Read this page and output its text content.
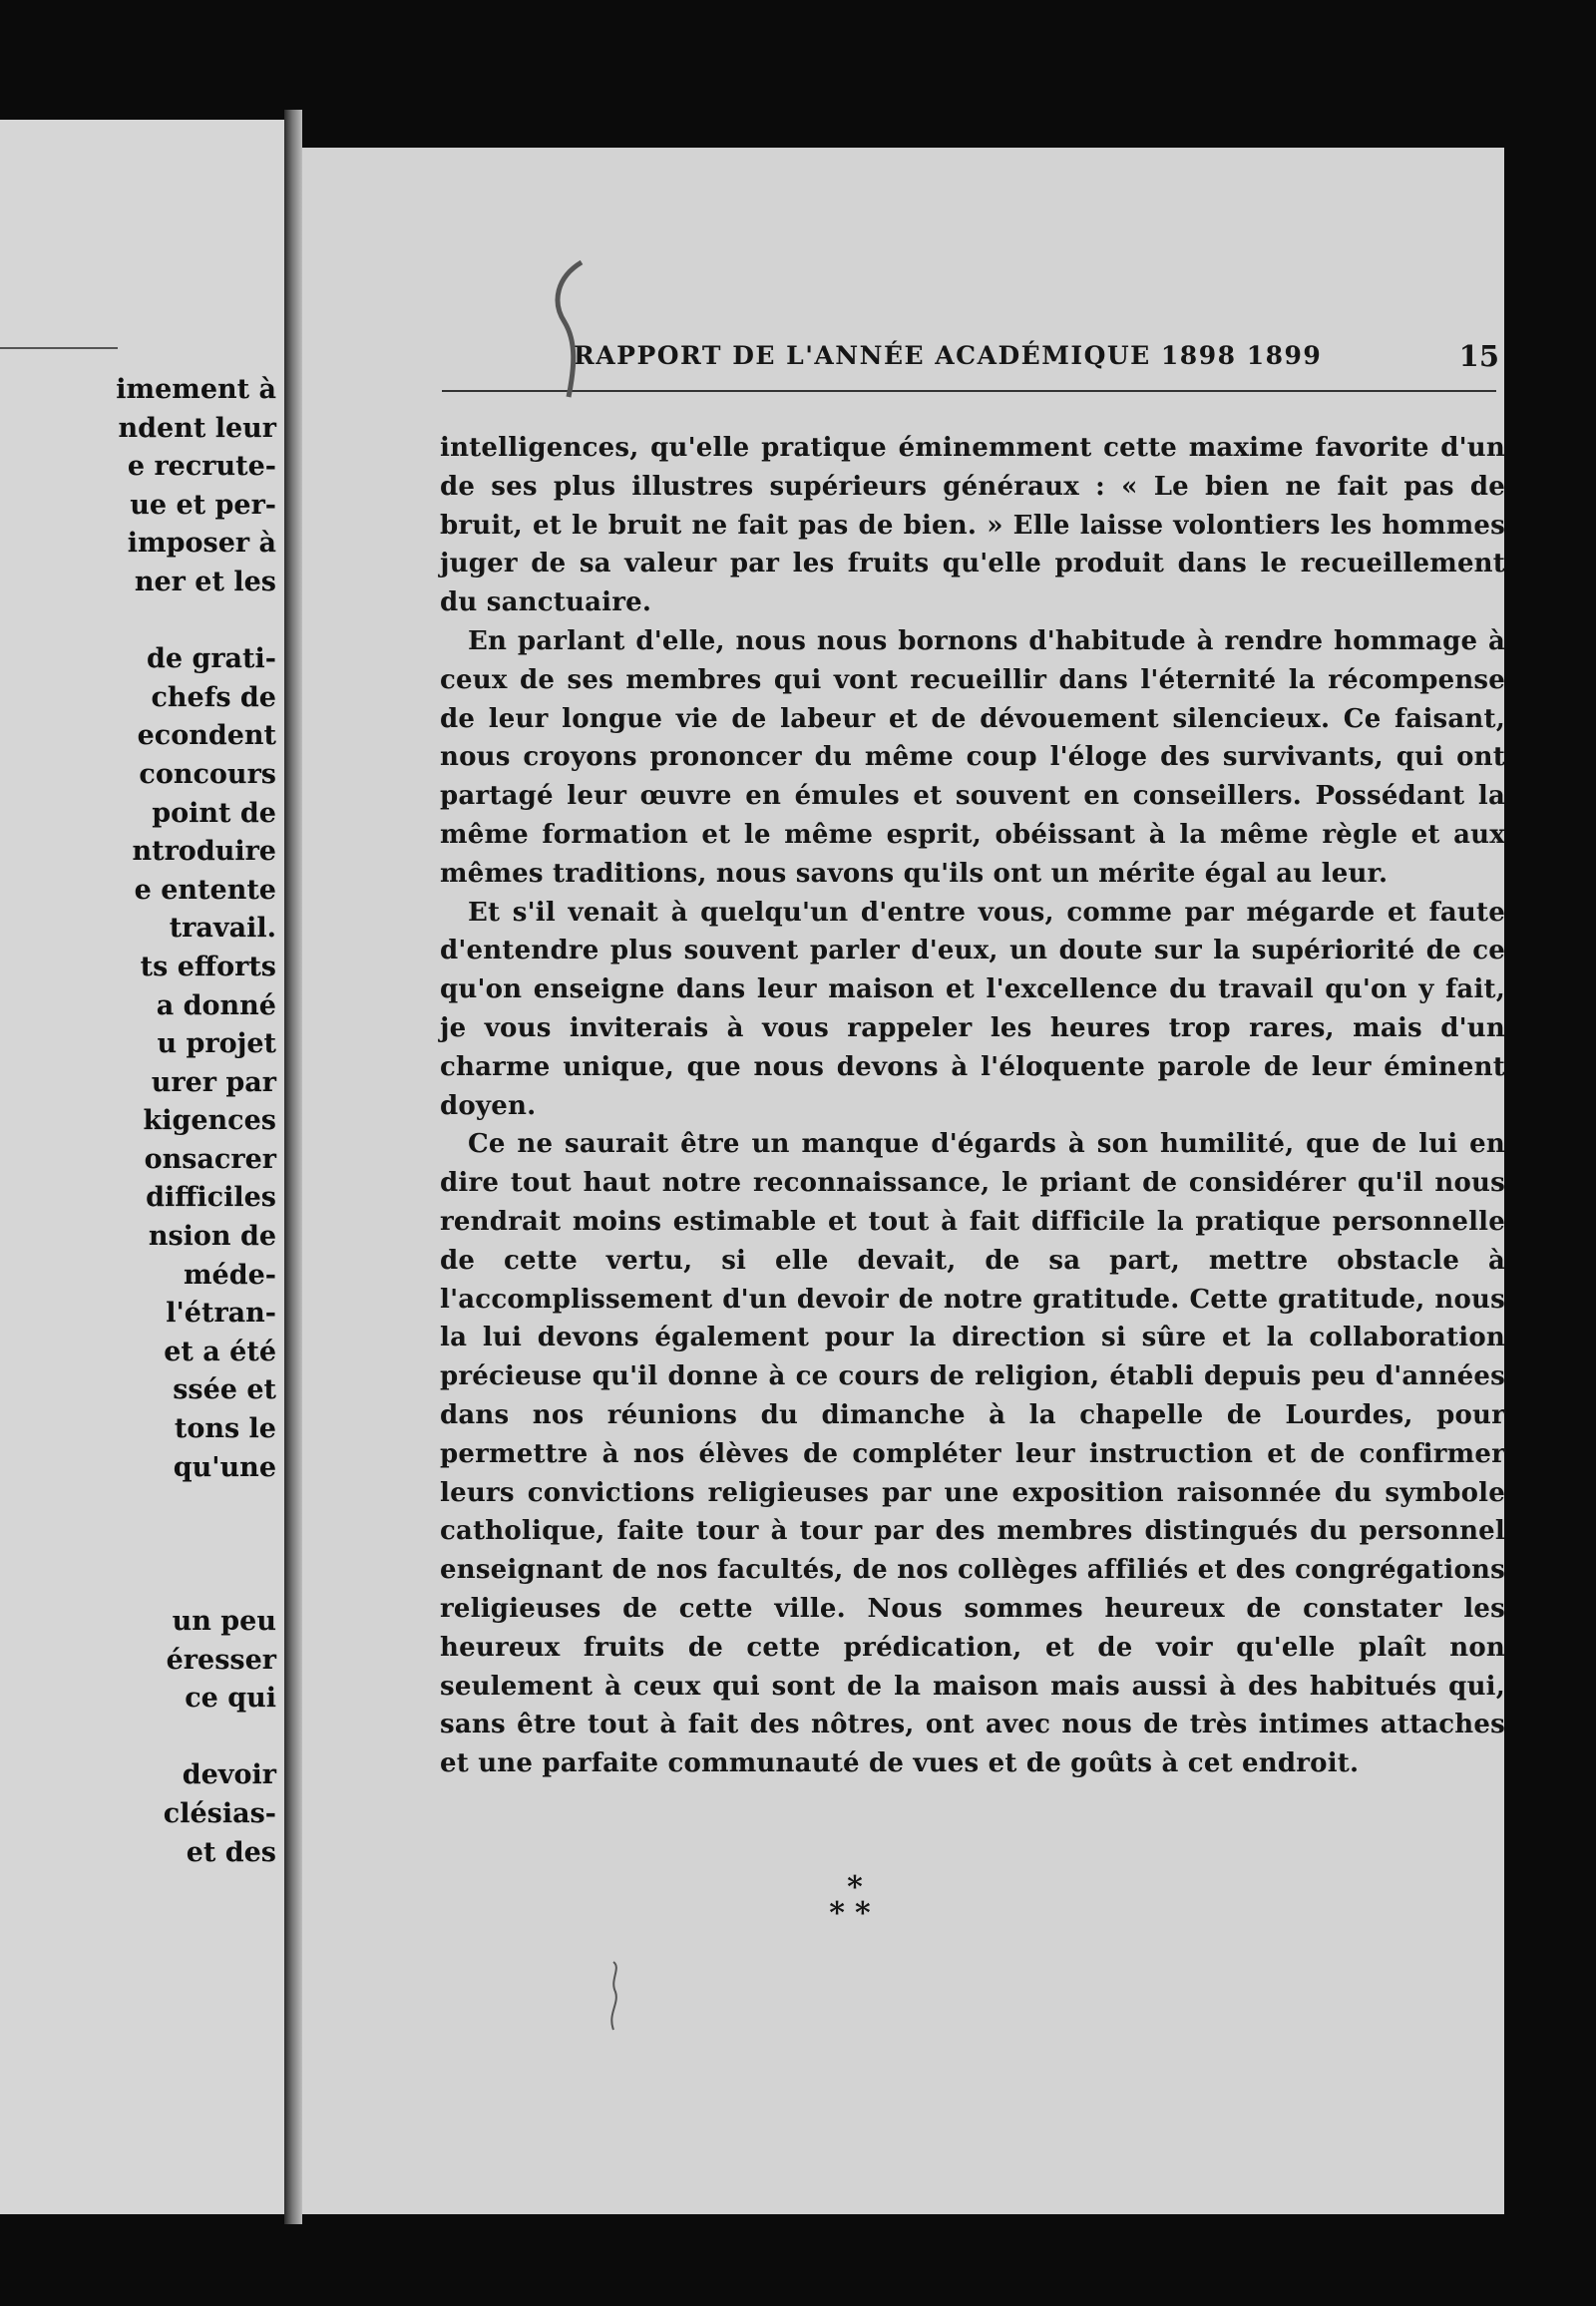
imement à
ndent leur
e recrute-
ue et per-
imposer à
ner et les
de grati-
chefs de
econdent
concours
point de
ntroduire
e entente
travail.
ts efforts
a donné
u projet
urer par
kigences
onsacrer
difficiles
nsion de
méde-
l'étran-
et a été
ssée et
tons le
qu'une
un peu
éresser
ce qui
devoir
clésias-
et des
RAPPORT DE L'ANNÉE ACADÉMIQUE 1898 1899	15

intelligences, qu'elle pratique éminemment cette maxime favorite d'un de ses plus illustres supérieurs généraux : « Le bien ne fait pas de bruit, et le bruit ne fait pas de bien. » Elle laisse volontiers les hommes juger de sa valeur par les fruits qu'elle produit dans le recueillement du sanctuaire.

En parlant d'elle, nous nous bornons d'habitude à rendre hommage à ceux de ses membres qui vont recueillir dans l'éternité la récompense de leur longue vie de labeur et de dévouement silencieux. Ce faisant, nous croyons prononcer du même coup l'éloge des survivants, qui ont partagé leur œuvre en émules et souvent en conseillers. Possédant la même formation et le même esprit, obéissant à la même règle et aux mêmes traditions, nous savons qu'ils ont un mérite égal au leur.

Et s'il venait à quelqu'un d'entre vous, comme par mégarde et faute d'entendre plus souvent parler d'eux, un doute sur la supériorité de ce qu'on enseigne dans leur maison et l'excellence du travail qu'on y fait, je vous inviterais à vous rappeler les heures trop rares, mais d'un charme unique, que nous devons à l'éloquente parole de leur éminent doyen.

Ce ne saurait être un manque d'égards à son humilité, que de lui en dire tout haut notre reconnaissance, le priant de considérer qu'il nous rendrait moins estimable et tout à fait difficile la pratique personnelle de cette vertu, si elle devait, de sa part, mettre obstacle à l'accomplissement d'un devoir de notre gratitude. Cette gratitude, nous la lui devons également pour la direction si sûre et la collaboration précieuse qu'il donne à ce cours de religion, établi depuis peu d'années dans nos réunions du dimanche à la chapelle de Lourdes, pour permettre à nos élèves de compléter leur instruction et de confirmer leurs convictions religieuses par une exposition raisonnée du symbole catholique, faite tour à tour par des membres distingués du personnel enseignant de nos facultés, de nos collèges affiliés et des congrégations religieuses de cette ville. Nous sommes heureux de constater les heureux fruits de cette prédication, et de voir qu'elle plaît non seulement à ceux qui sont de la maison mais aussi à des habitués qui, sans être tout à fait des nôtres, ont avec nous de très intimes attaches et une parfaite communauté de vues et de goûts à cet endroit.

*
**
